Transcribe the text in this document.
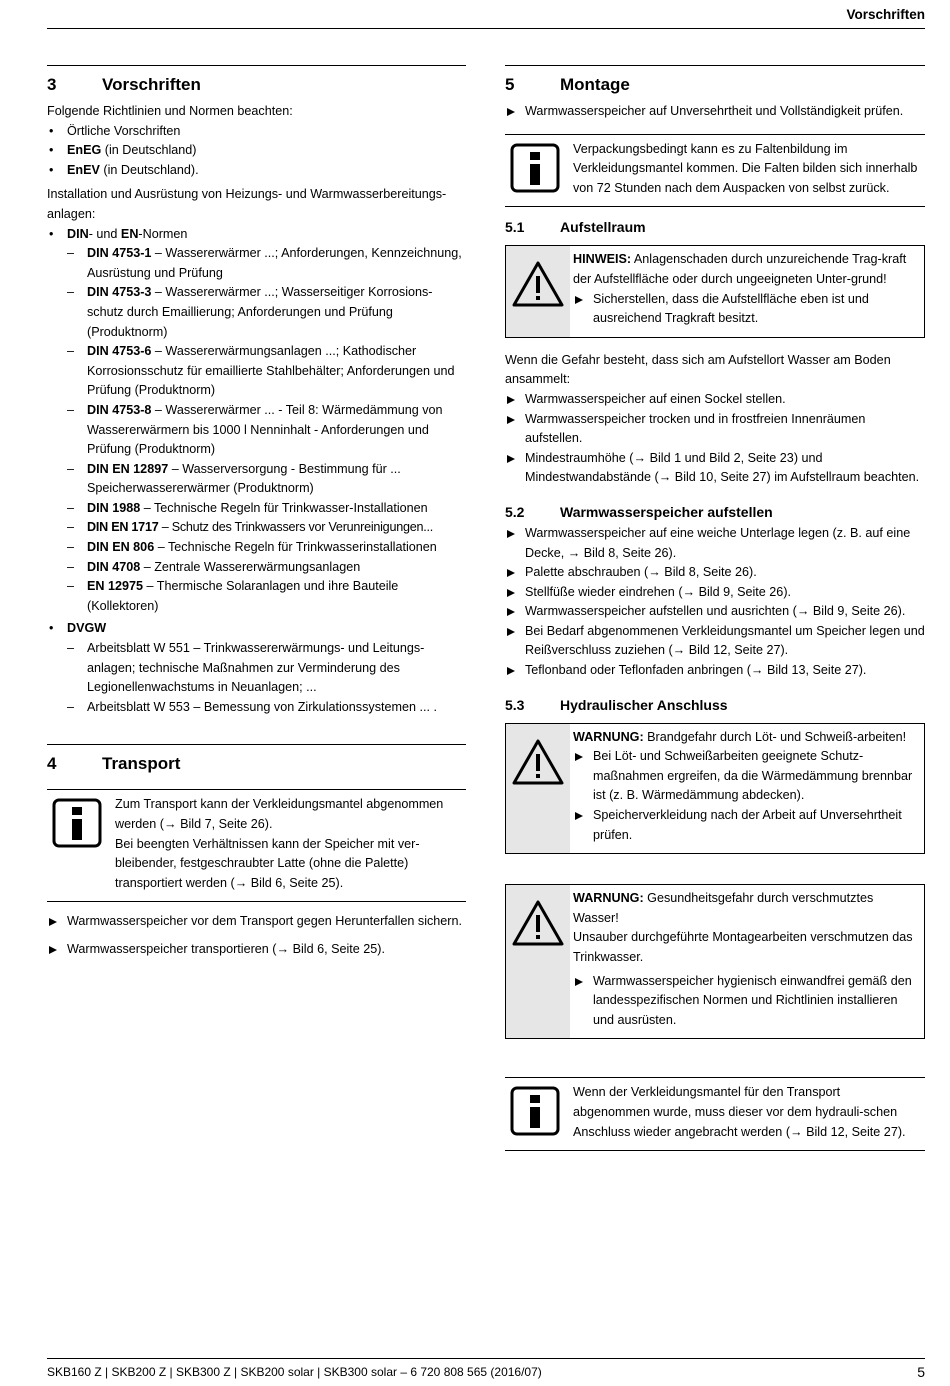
Vorschriften
3	Vorschriften

Folgende Richtlinien und Normen beachten:

• Örtliche Vorschriften
• EnEG (in Deutschland)
• EnEV (in Deutschland).

Installation und Ausrüstung von Heizungs- und Warmwasserbereitungs-anlagen:

• DIN- und EN-Normen
– DIN 4753-1 – Wassererwärmer ...; Anforderungen, Kennzeichnung, Ausrüstung und Prüfung
– DIN 4753-3 – Wassererwärmer ...; Wasserseitiger Korrosions-schutz durch Emaillierung; Anforderungen und Prüfung (Produktnorm)
– DIN 4753-6 – Wassererwärmungsanlagen ...; Kathodischer Korrosionsschutz für emaillierte Stahlbehälter; Anforderungen und Prüfung (Produktnorm)
– DIN 4753-8 – Wassererwärmer ... - Teil 8: Wärmedämmung von Wassererwärmern bis 1000 l Nenninhalt - Anforderungen und Prüfung (Produktnorm)
– DIN EN 12897 – Wasserversorgung - Bestimmung für ... Speicherwassererwärmer (Produktnorm)
– DIN 1988 – Technische Regeln für Trinkwasser-Installationen
– DIN EN 1717 – Schutz des Trinkwassers vor Verunreinigungen...
– DIN EN 806 – Technische Regeln für Trinkwasserinstallationen
– DIN 4708 – Zentrale Wassererwärmungsanlagen
– EN 12975 – Thermische Solaranlagen und ihre Bauteile (Kollektoren)
• DVGW
– Arbeitsblatt W 551 – Trinkwassererwärmungs- und Leitungs-anlagen; technische Maßnahmen zur Verminderung des Legionellenwachstums in Neuanlagen; ...
– Arbeitsblatt W 553 – Bemessung von Zirkulationssystemen ... .
4	Transport
Zum Transport kann der Verkleidungsmantel abgenommen werden (→ Bild 7, Seite 26).
Bei beengten Verhältnissen kann der Speicher mit ver-bleibender, festgeschraubter Latte (ohne die Palette) transportiert werden (→ Bild 6, Seite 25).
Warmwasserspeicher vor dem Transport gegen Herunterfallen sichern.
Warmwasserspeicher transportieren (→ Bild 6, Seite 25).
5	Montage
Warmwasserspeicher auf Unversehrtheit und Vollständigkeit prüfen.
Verpackungsbedingt kann es zu Faltenbildung im Verkleidungsmantel kommen. Die Falten bilden sich innerhalb von 72 Stunden nach dem Auspacken von selbst zurück.
5.1	Aufstellraum

HINWEIS: Anlagenschaden durch unzureichende Trag-kraft der Aufstellfläche oder durch ungeeigneten Unter-grund!

Sicherstellen, dass die Aufstellfläche eben ist und ausreichend Tragkraft besitzt.

Wenn die Gefahr besteht, dass sich am Aufstellort Wasser am Boden ansammelt:

Warmwasserspeicher auf einen Sockel stellen.
Warmwasserspeicher trocken und in frostfreien Innenräumen aufstellen.
Mindestraumhöhe (→ Bild 1 und Bild 2, Seite 23) und Mindestwandabstände (→ Bild 10, Seite 27) im Aufstellraum beachten.
5.2	Warmwasserspeicher aufstellen
Warmwasserspeicher auf eine weiche Unterlage legen (z. B. auf eine Decke, → Bild 8, Seite 26).
Palette abschrauben (→ Bild 8, Seite 26).
Stellfüße wieder eindrehen (→ Bild 9, Seite 26).
Warmwasserspeicher aufstellen und ausrichten (→ Bild 9, Seite 26).
Bei Bedarf abgenommenen Verkleidungsmantel um Speicher legen und Reißverschluss zuziehen (→ Bild 12, Seite 27).
Teflonband oder Teflonfaden anbringen (→ Bild 13, Seite 27).
5.3	Hydraulischer Anschluss

WARNUNG: Brandgefahr durch Löt- und Schweiß-arbeiten!

Bei Löt- und Schweißarbeiten geeignete Schutz-maßnahmen ergreifen, da die Wärmedämmung brennbar ist (z. B. Wärmedämmung abdecken).
Speicherverkleidung nach der Arbeit auf Unversehrtheit prüfen.

WARNUNG: Gesundheitsgefahr durch verschmutztes Wasser!

Unsauber durchgeführte Montagearbeiten verschmutzen das Trinkwasser.

Warmwasserspeicher hygienisch einwandfrei gemäß den landesspezifischen Normen und Richtlinien installieren und ausrüsten.
Wenn der Verkleidungsmantel für den Transport abgenommen wurde, muss dieser vor dem hydrauli-schen Anschluss wieder angebracht werden (→ Bild 12, Seite 27).
SKB160 Z | SKB200 Z | SKB300 Z | SKB200 solar | SKB300 solar – 6 720 808 565 (2016/07)	5
